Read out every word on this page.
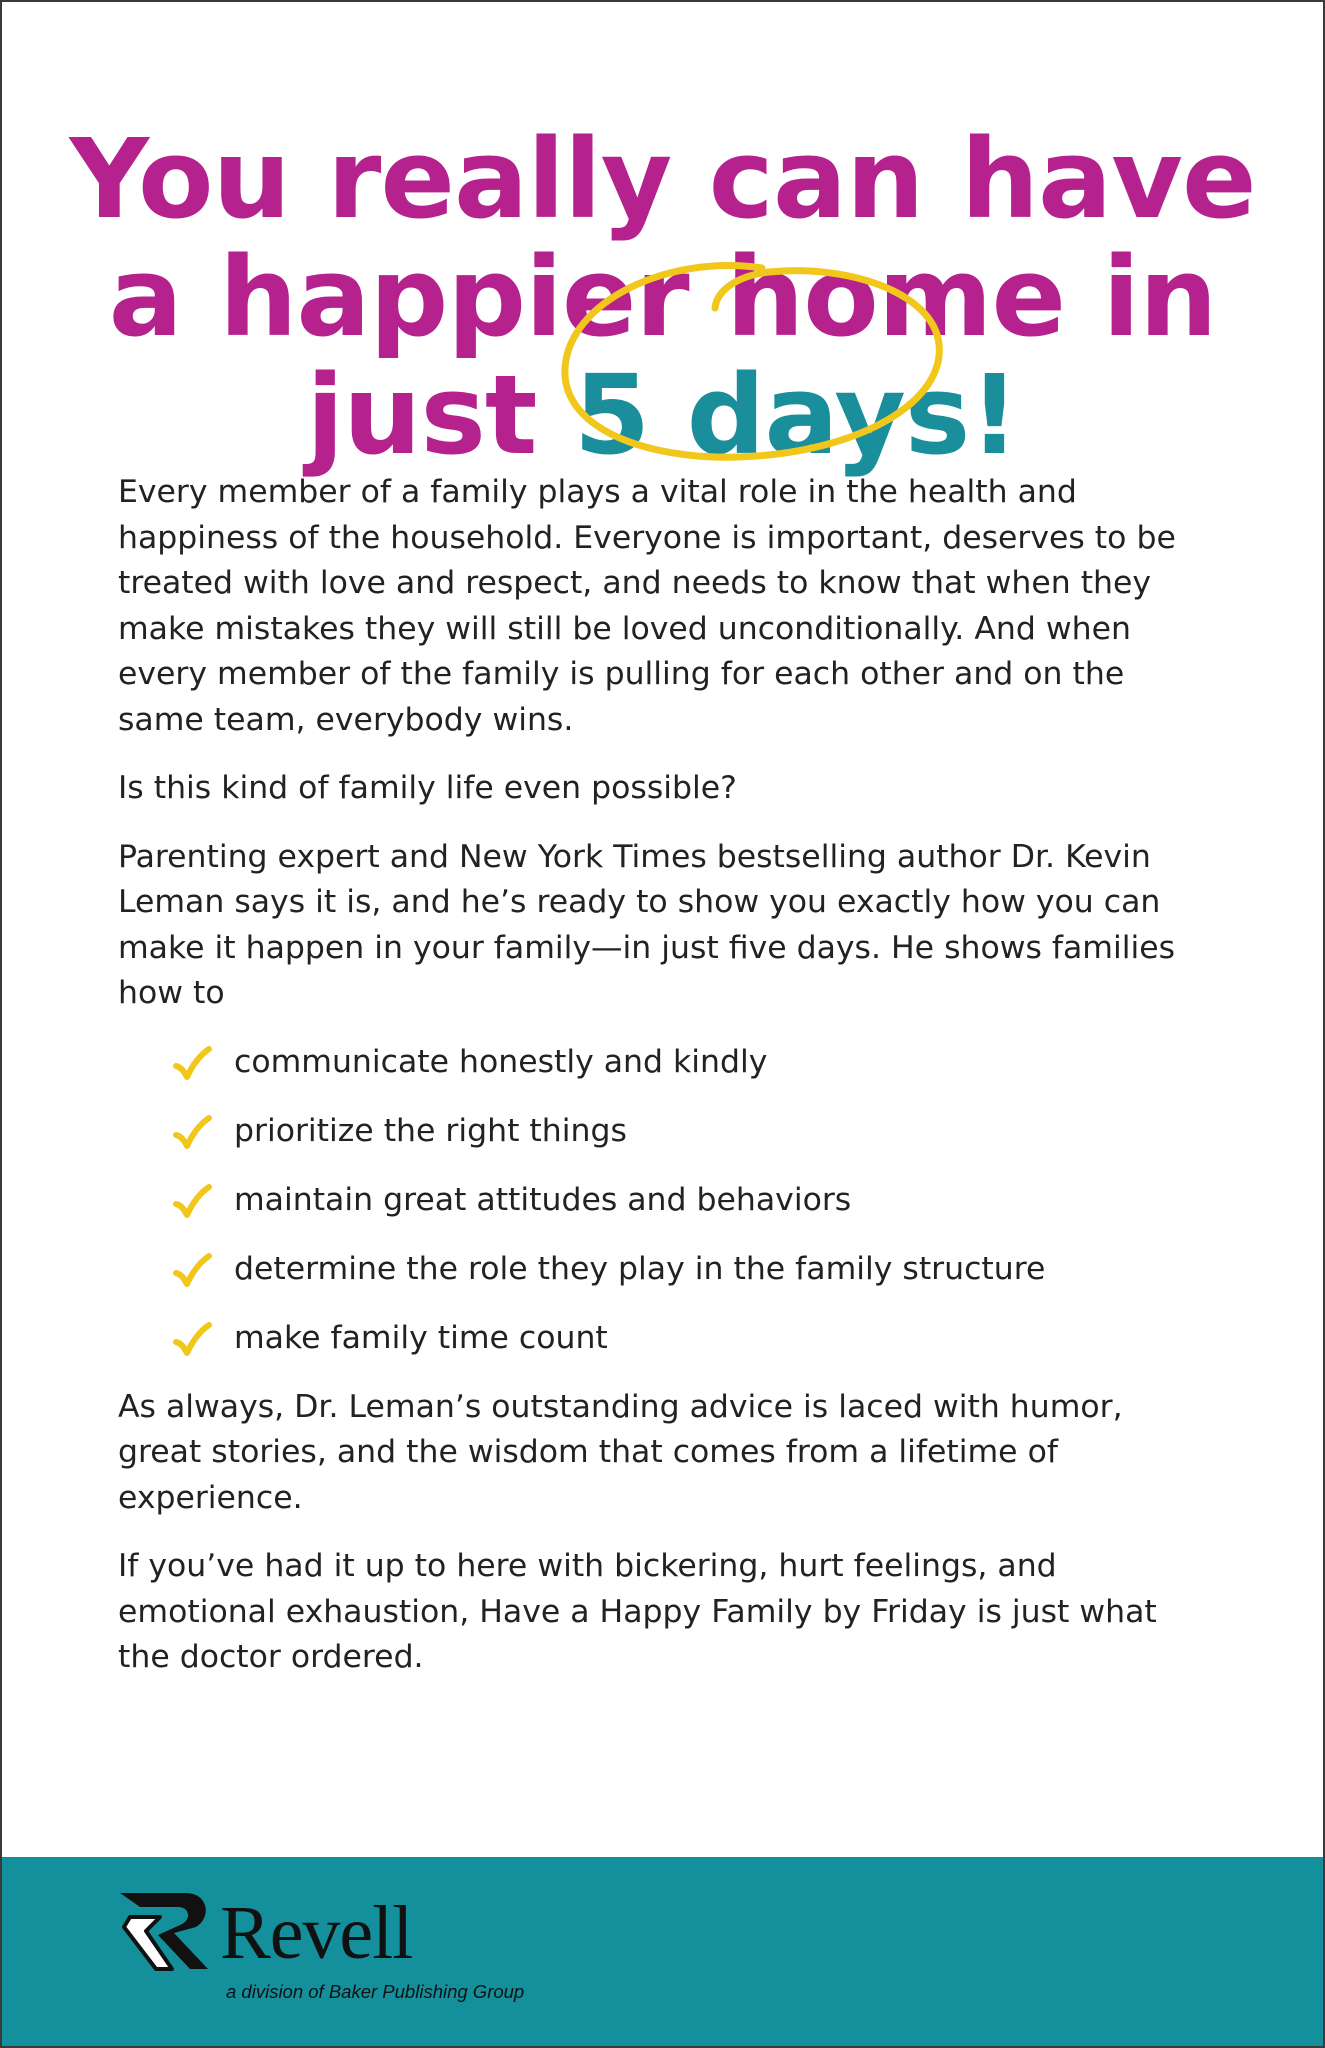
You really can have
a happier home in
just 5 days!

Every member of a family plays a vital role in the health and happiness of the household. Everyone is important, deserves to be treated with love and respect, and needs to know that when they make mistakes they will still be loved unconditionally. And when every member of the family is pulling for each other and on the same team, everybody wins.

Is this kind of family life even possible?

Parenting expert and New York Times bestselling author Dr. Kevin Leman says it is, and he’s ready to show you exactly how you can make it happen in your family—in just five days. He shows families how to

communicate honestly and kindly
prioritize the right things
maintain great attitudes and behaviors
determine the role they play in the family structure
make family time count

As always, Dr. Leman’s outstanding advice is laced with humor, great stories, and the wisdom that comes from a lifetime of experience.

If you’ve had it up to here with bickering, hurt feelings, and emotional exhaustion, Have a Happy Family by Friday is just what the doctor ordered.

Revell
a division of Baker Publishing Group
